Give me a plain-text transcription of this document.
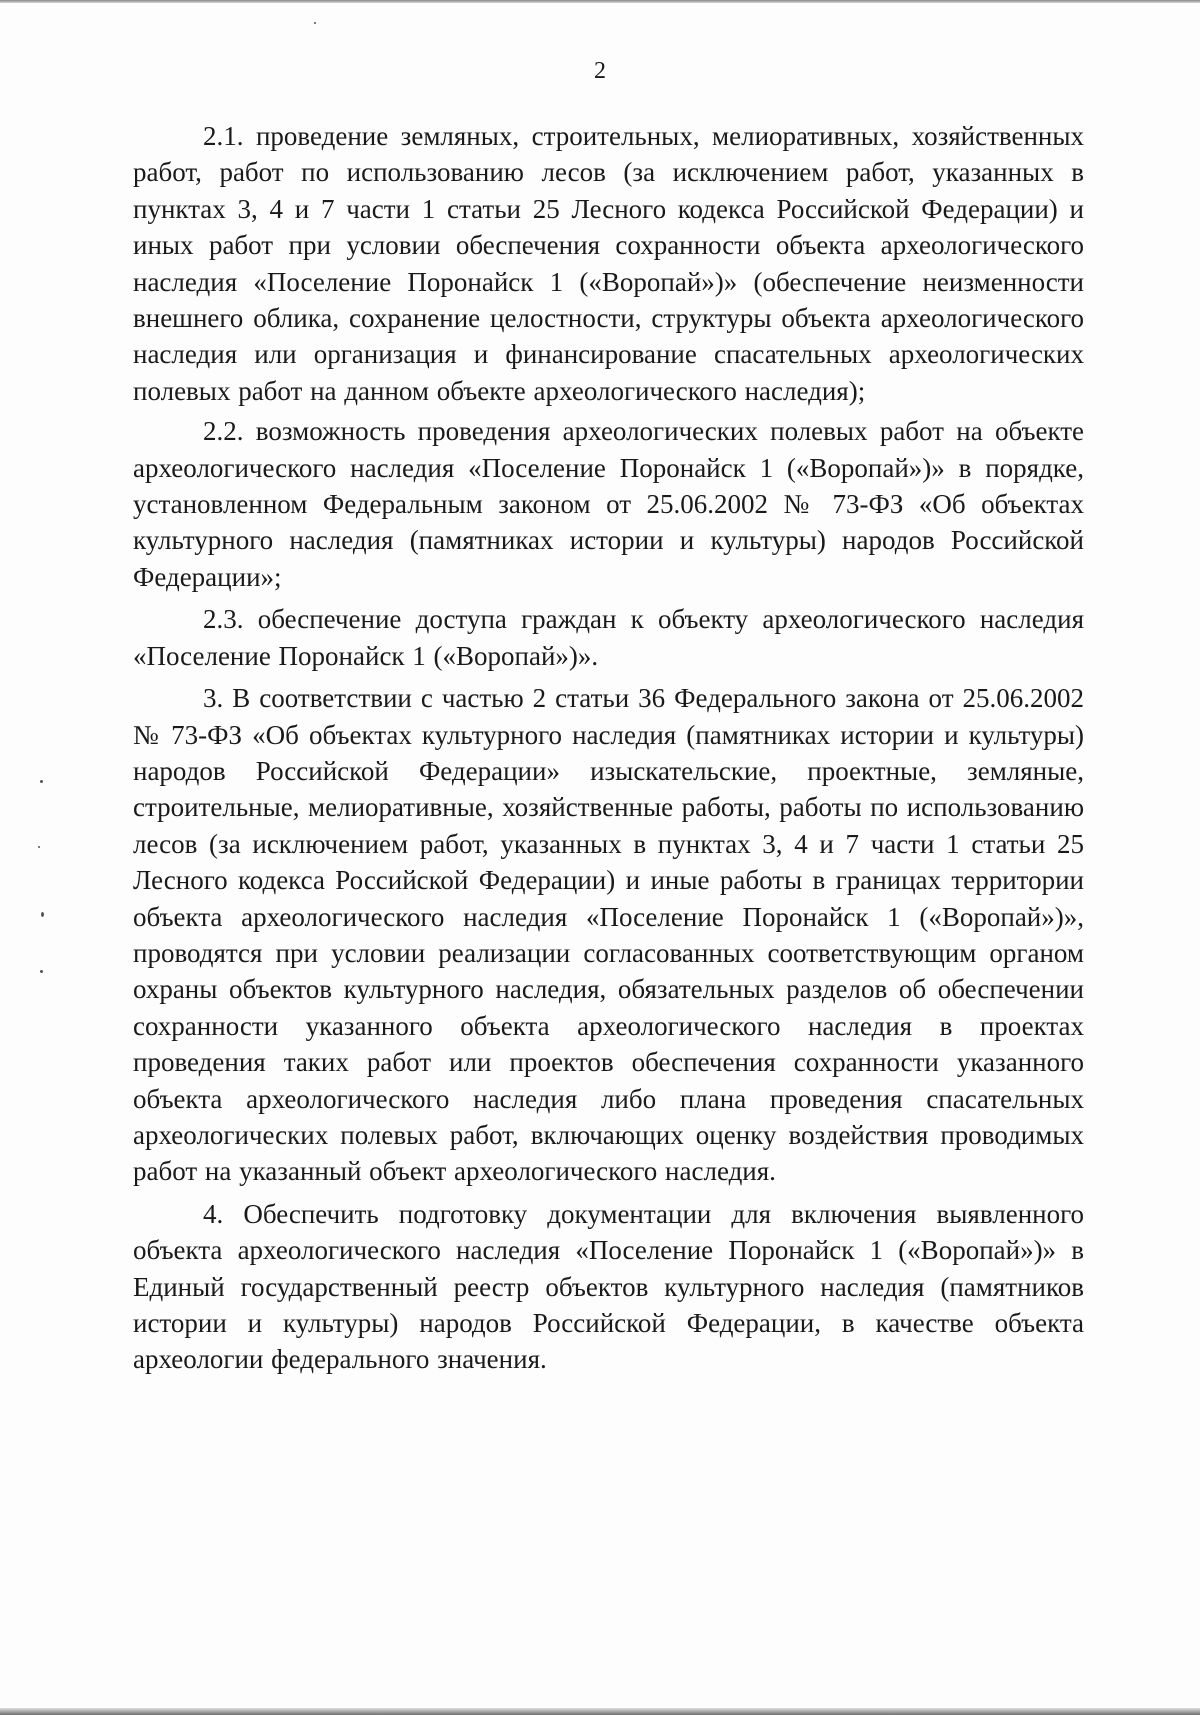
2

2.1. проведение земляных, строительных, мелиоративных, хозяйственных работ, работ по использованию лесов (за исключением работ, указанных в пунктах 3, 4 и 7 части 1 статьи 25 Лесного кодекса Российской Федерации) и иных работ при условии обеспечения сохранности объекта археологического наследия «Поселение Поронайск 1 («Воропай»)» (обеспечение неизменности внешнего облика, сохранение целостности, структуры объекта археологического наследия или организация и финансирование спасательных археологических полевых работ на данном объекте археологического наследия);

2.2. возможность проведения археологических полевых работ на объекте археологического наследия «Поселение Поронайск 1 («Воропай»)» в порядке, установленном Федеральным законом от 25.06.2002 № 73-ФЗ «Об объектах культурного наследия (памятниках истории и культуры) народов Российской Федерации»;

2.3. обеспечение доступа граждан к объекту археологического наследия «Поселение Поронайск 1 («Воропай»)».

3. В соответствии с частью 2 статьи 36 Федерального закона от 25.06.2002 № 73-ФЗ «Об объектах культурного наследия (памятниках истории и культуры) народов Российской Федерации» изыскательские, проектные, земляные, строительные, мелиоративные, хозяйственные работы, работы по использованию лесов (за исключением работ, указанных в пунктах 3, 4 и 7 части 1 статьи 25 Лесного кодекса Российской Федерации) и иные работы в границах территории объекта археологического наследия «Поселение Поронайск 1 («Воропай»)», проводятся при условии реализации согласованных соответствующим органом охраны объектов культурного наследия, обязательных разделов об обеспечении сохранности указанного объекта археологического наследия в проектах проведения таких работ или проектов обеспечения сохранности указанного объекта археологического наследия либо плана проведения спасательных археологических полевых работ, включающих оценку воздействия проводимых работ на указанный объект археологического наследия.

4. Обеспечить подготовку документации для включения выявленного объекта археологического наследия «Поселение Поронайск 1 («Воропай»)» в Единый государственный реестр объектов культурного наследия (памятников истории и культуры) народов Российской Федерации, в качестве объекта археологии федерального значения.
